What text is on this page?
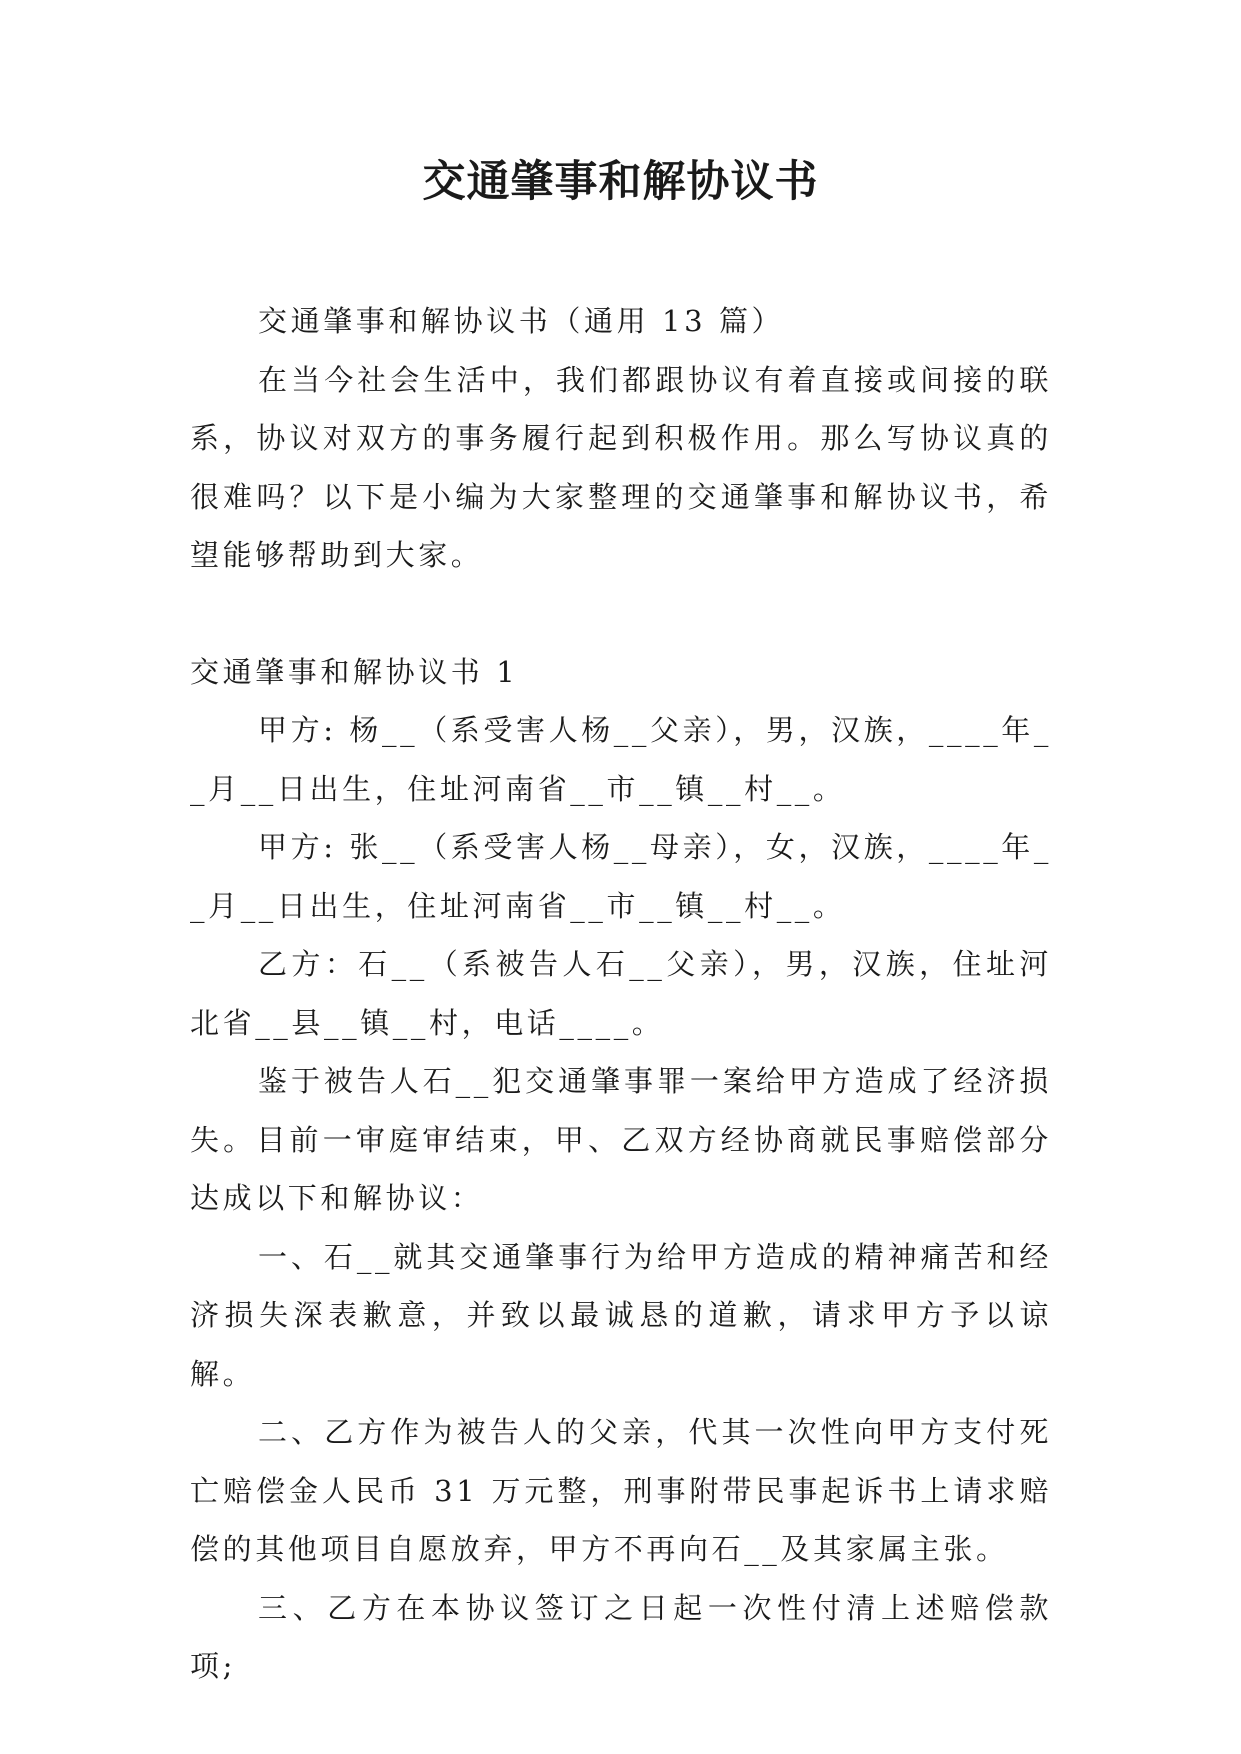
交通肇事和解协议书

交通肇事和解协议书（通用 13 篇）

在当今社会生活中，我们都跟协议有着直接或间接的联系，协议对双方的事务履行起到积极作用。那么写协议真的很难吗？以下是小编为大家整理的交通肇事和解协议书，希望能够帮助到大家。

交通肇事和解协议书 1

甲方: 杨__（系受害人杨__父亲），男，汉族，____年__月__日出生，住址河南省__市__镇__村__。

甲方: 张__（系受害人杨__母亲），女，汉族，____年__月__日出生，住址河南省__市__镇__村__。

乙方：石__（系被告人石__父亲），男，汉族，住址河北省__县__镇__村，电话____。

鉴于被告人石__犯交通肇事罪一案给甲方造成了经济损失。目前一审庭审结束，甲、乙双方经协商就民事赔偿部分达成以下和解协议：

一、石__就其交通肇事行为给甲方造成的精神痛苦和经济损失深表歉意，并致以最诚恳的道歉，请求甲方予以谅解。

二、乙方作为被告人的父亲，代其一次性向甲方支付死亡赔偿金人民币 31 万元整，刑事附带民事起诉书上请求赔偿的其他项目自愿放弃，甲方不再向石__及其家属主张。

三、乙方在本协议签订之日起一次性付清上述赔偿款项;
